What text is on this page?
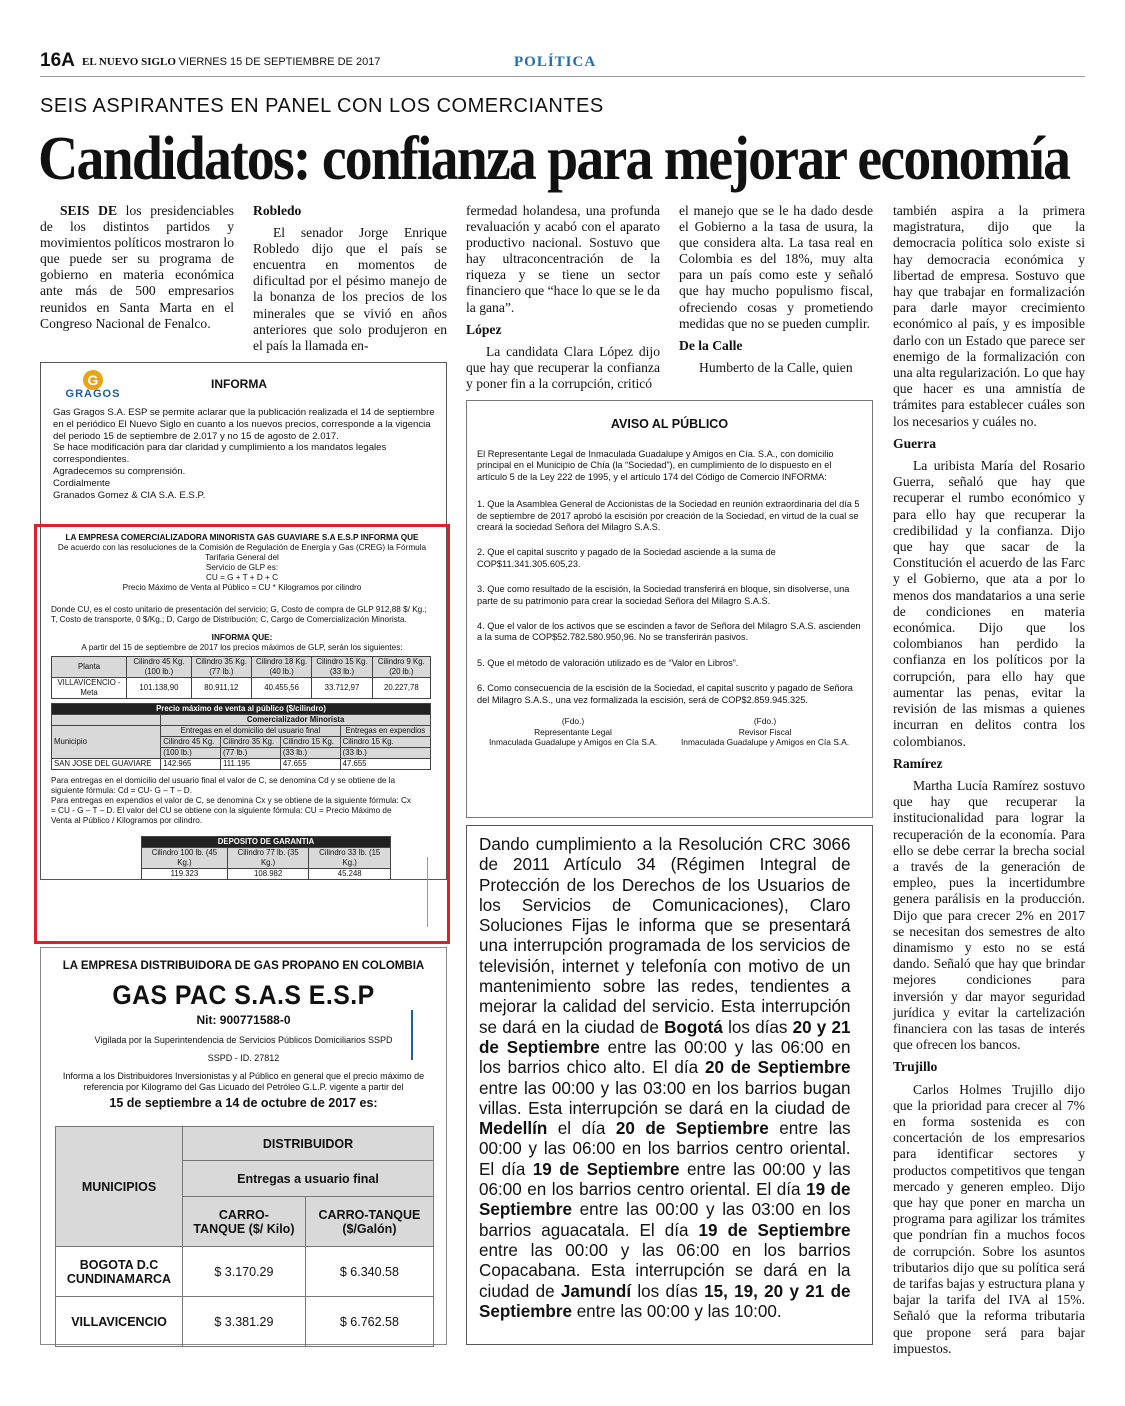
16A EL NUEVO SIGLO VIERNES 15 DE SEPTIEMBRE DE 2017	POLÍTICA
SEIS ASPIRANTES EN PANEL CON LOS COMERCIANTES
Candidatos: confianza para mejorar economía

SEIS DE los presidenciables de los distintos partidos y movimientos políticos mostraron lo que puede ser su programa de gobierno en materia económica ante más de 500 empresarios reunidos en Santa Marta en el Congreso Nacional de Fenalco.

Robledo

El senador Jorge Enrique Robledo dijo que el país se encuentra en momentos de dificultad por el pésimo manejo de la bonanza de los precios de los minerales que se vivió en años anteriores que solo produjeron en el país la llamada en-

fermedad holandesa, una profunda revaluación y acabó con el aparato productivo nacional. Sostuvo que hay ultraconcentración de la riqueza y se tiene un sector financiero que “hace lo que se le da la gana”.

López

La candidata Clara López dijo que hay que recuperar la confianza y poner fin a la corrupción, criticó

el manejo que se le ha dado desde el Gobierno a la tasa de usura, la que considera alta. La tasa real en Colombia es del 18%, muy alta para un país como este y señaló que hay mucho populismo fiscal, ofreciendo cosas y prometiendo medidas que no se pueden cumplir.

De la Calle

Humberto de la Calle, quien

también aspira a la primera magistratura, dijo que la democracia política solo existe si hay democracia económica y libertad de empresa. Sostuvo que hay que trabajar en formalización para darle mayor crecimiento económico al país, y es imposible darlo con un Estado que parece ser enemigo de la formalización con una alta regularización. Lo que hay que hacer es una amnistía de trámites para establecer cuáles son los necesarios y cuáles no.

Guerra

La uribista María del Rosario Guerra, señaló que hay que recuperar el rumbo económico y para ello hay que recuperar la credibilidad y la confianza. Dijo que hay que sacar de la Constitución el acuerdo de las Farc y el Gobierno, que ata a por lo menos dos mandatarios a una serie de condiciones en materia económica. Dijo que los colombianos han perdido la confianza en los políticos por la corrupción, para ello hay que aumentar las penas, evitar la revisión de las mismas a quienes incurran en delitos contra los colombianos.

Ramírez

Martha Lucía Ramírez sostuvo que hay que recuperar la institucionalidad para lograr la recuperación de la economía. Para ello se debe cerrar la brecha social a través de la generación de empleo, pues la incertidumbre genera parálisis en la producción. Dijo que para crecer 2% en 2017 se necesitan dos semestres de alto dinamismo y esto no se está dando. Señaló que hay que brindar mejores condiciones para inversión y dar mayor seguridad jurídica y evitar la cartelización financiera con las tasas de interés que ofrecen los bancos.

Trujillo

Carlos Holmes Trujillo dijo que la prioridad para crecer al 7% en forma sostenida es con concertación de los empresarios para identificar sectores y productos competitivos que tengan mercado y generen empleo. Dijo que hay que poner en marcha un programa para agilizar los trámites que pondrían fin a muchos focos de corrupción. Sobre los asuntos tributarios dijo que su política será de tarifas bajas y estructura plana y bajar la tarifa del IVA al 15%. Señaló que la reforma tributaria que propone será para bajar impuestos.

G
GRAGOS
INFORMA
Gas Gragos S.A. ESP se permite aclarar que la publicación realizada el 14 de septiembre en el periódico El Nuevo Siglo en cuanto a los nuevos precios, corresponde a la vigencia del periodo 15 de septiembre de 2.017 y no 15 de agosto de 2.017.
Se hace modificación para dar claridad y cumplimiento a los mandatos legales correspondientes.
Agradecemos su comprensión.
Cordialmente
Granados Gomez & CIA S.A. E.S.P.
LA EMPRESA COMERCIALIZADORA MINORISTA GAS GUAVIARE S.A E.S.P INFORMA QUE
De acuerdo con las resoluciones de la Comisión de Regulación de Energía y Gas (CREG) la Fórmula
Tarifaria General del
Servicio de GLP es:
CU = G + T + D + C
Precio Máximo de Venta al Público = CU * Kilogramos por cilindro
Donde CU, es el costo unitario de presentación del servicio; G, Costo de compra de GLP 912,88 $/ Kg.; T, Costo de transporte, 0 $/Kg.; D, Cargo de Distribución; C, Cargo de Comercialización Minorista.
INFORMA QUE:
A partir del 15 de septiembre de 2017 los precios máximos de GLP, serán los siguientes:
Planta	Cilindro 45 Kg. (100 lb.)	Cilindro 35 Kg. (77 lb.)	Cilindro 18 Kg. (40 lb.)	Cilindro 15 Kg. (33 lb.)	Cilindro 9 Kg. (20 lb.)
VILLAVICENCIO - Meta	101.138,90	80.911,12	40.455,56	33.712,97	20.227,78
Precio máximo de venta al público ($/cilindro)				
	Comercializador Minorista			
Municipio	Entregas en el domicilio del usuario final			Entregas en expendios
	Cilindro 45 Kg.	Cilindro 35 Kg.	Cilindro 15 Kg.	Cilindro 15 Kg.
	(100 lb.)	(77 lb.)	(33 lb.)	(33 lb.)
SAN JOSE DEL GUAVIARE	142.965	111.195	47.655	47.655
Para entregas en el domicilio del usuario final el valor de C, se denomina Cd y se obtiene de la siguiente fórmula: Cd = CU- G – T – D.
Para entregas en expendios el valor de C, se denomina Cx y se obtiene de la siguiente fórmula: Cx = CU - G – T – D. El valor del CU se obtiene con la siguiente fórmula: CU = Precio Máximo de Venta al Público / Kilogramos por cilindro.
DEPOSITO DE GARANTIA		
Cilindro 100 lb. (45 Kg.)	Cilindro 77 lb. (35 Kg.)	Cilindro 33 lb. (15 Kg.)
119.323	108.982	45.248
LA EMPRESA DISTRIBUIDORA DE GAS PROPANO EN COLOMBIA
GAS PAC S.A.S E.S.P
Nit: 900771588-0
Vigilada por la Superintendencia de Servicios Públicos Domiciliarios SSPD
SSPD - ID. 27812
Informa a los Distribuidores Inversionistas y al Público en general que el precio máximo de referencia por Kilogramo del Gas Licuado del Petróleo G.L.P. vigente a partir del
15 de septiembre a 14 de octubre de 2017 es:
MUNICIPIOS	DISTRIBUIDOR	
	Entregas a usuario final	
	CARRO-TANQUE ($/ Kilo)	CARRO-TANQUE ($/Galón)
BOGOTA D.C CUNDINAMARCA	$ 3.170.29	$ 6.340.58
VILLAVICENCIO	$ 3.381.29	$ 6.762.58
AVISO AL PÚBLICO
El Representante Legal de Inmaculada Guadalupe y Amigos en Cía. S.A., con domicilio principal en el Municipio de Chía (la “Sociedad”), en cumplimiento de lo dispuesto en el artículo 5 de la Ley 222 de 1995, y el artículo 174 del Código de Comercio INFORMA:
1. Que la Asamblea General de Accionistas de la Sociedad en reunión extraordinaria del día 5 de septiembre de 2017 aprobó la escisión por creación de la Sociedad, en virtud de la cual se creará la sociedad Señora del Milagro S.A.S.
2. Que el capital suscrito y pagado de la Sociedad asciende a la suma de COP$11.341.305.605,23.
3. Que como resultado de la escisión, la Sociedad transferirá en bloque, sin disolverse, una parte de su patrimonio para crear la sociedad Señora del Milagro S.A.S.
4. Que el valor de los activos que se escinden a favor de Señora del Milagro S.A.S. ascienden a la suma de COP$52.782.580.950,96. No se transferirán pasivos.
5. Que el método de valoración utilizado es de “Valor en Libros”.
6. Como consecuencia de la escisión de la Sociedad, el capital suscrito y pagado de Señora del Milagro S.A.S., una vez formalizada la escisión, será de COP$2.859.945.325.
(Fdo.)
Representante Legal
Inmaculada Guadalupe y Amigos en Cía S.A.
(Fdo.)
Revisor Fiscal
Inmaculada Guadalupe y Amigos en Cía S.A.
Dando cumplimiento a la Resolución CRC 3066 de 2011 Artículo 34 (Régimen Integral de Protección de los Derechos de los Usuarios de los Servicios de Comunicaciones), Claro Soluciones Fijas le informa que se presentará una interrupción programada de los servicios de televisión, internet y telefonía con motivo de un mantenimiento sobre las redes, tendientes a mejorar la calidad del servicio. Esta interrupción se dará en la ciudad de Bogotá los días 20 y 21 de Septiembre entre las 00:00 y las 06:00 en los barrios chico alto. El día 20 de Septiembre entre las 00:00 y las 03:00 en los barrios bugan villas. Esta interrupción se dará en la ciudad de Medellín el día 20 de Septiembre entre las 00:00 y las 06:00 en los barrios centro oriental. El día 19 de Septiembre entre las 00:00 y las 06:00 en los barrios centro oriental. El día 19 de Septiembre entre las 00:00 y las 03:00 en los barrios aguacatala. El día 19 de Septiembre entre las 00:00 y las 06:00 en los barrios Copacabana. Esta interrupción se dará en la ciudad de Jamundí los días 15, 19, 20 y 21 de Septiembre entre las 00:00 y las 10:00.
